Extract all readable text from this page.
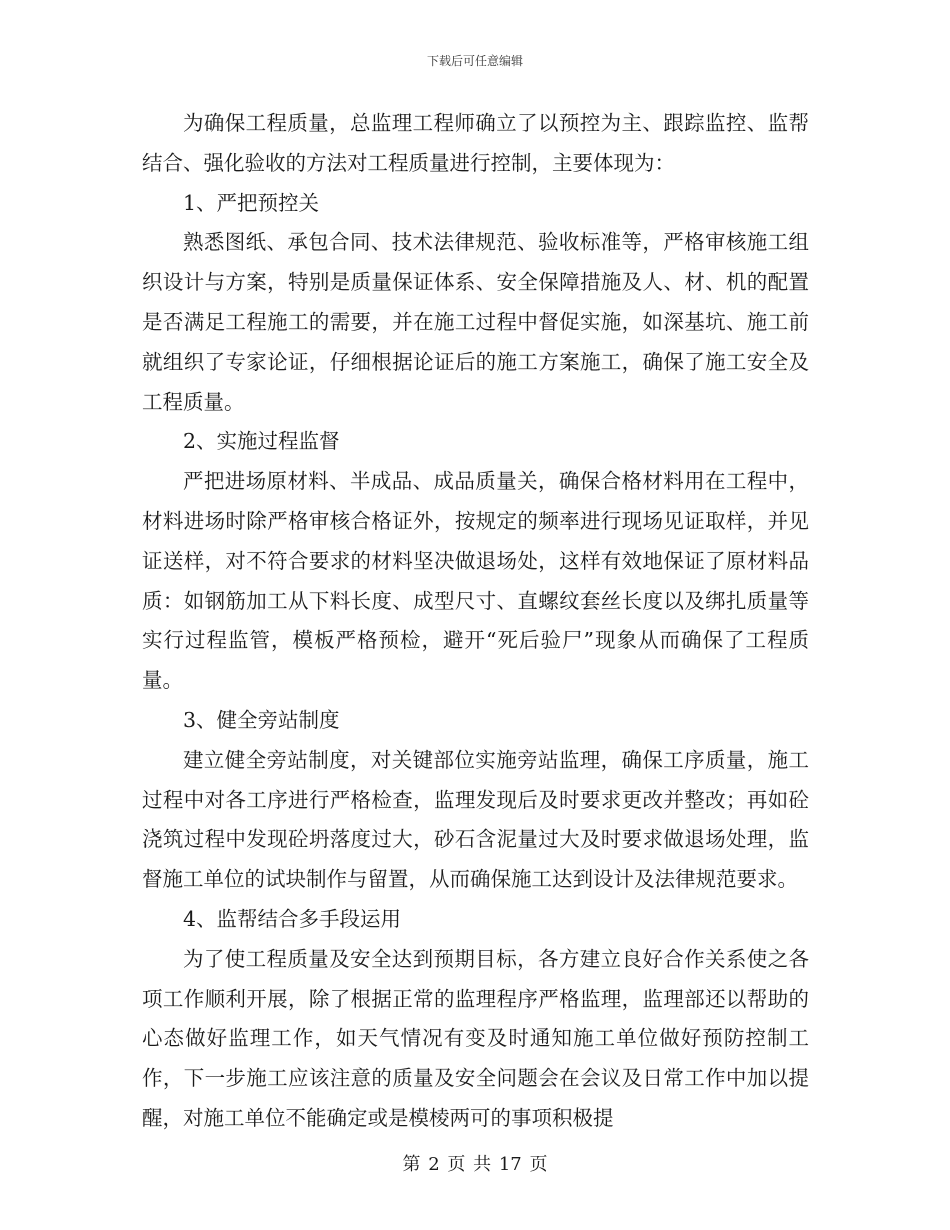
下载后可任意编辑

为确保工程质量，总监理工程师确立了以预控为主、跟踪监控、监帮结合、强化验收的方法对工程质量进行控制，主要体现为：

1、严把预控关

熟悉图纸、承包合同、技术法律规范、验收标准等，严格审核施工组织设计与方案，特别是质量保证体系、安全保障措施及人、材、机的配置是否满足工程施工的需要，并在施工过程中督促实施，如深基坑、施工前就组织了专家论证，仔细根据论证后的施工方案施工，确保了施工安全及工程质量。

2、实施过程监督

严把进场原材料、半成品、成品质量关，确保合格材料用在工程中，材料进场时除严格审核合格证外，按规定的频率进行现场见证取样，并见证送样，对不符合要求的材料坚决做退场处，这样有效地保证了原材料品质：如钢筋加工从下料长度、成型尺寸、直螺纹套丝长度以及绑扎质量等实行过程监管，模板严格预检，避开“死后验尸”现象从而确保了工程质量。

3、健全旁站制度

建立健全旁站制度，对关键部位实施旁站监理，确保工序质量，施工过程中对各工序进行严格检查，监理发现后及时要求更改并整改；再如砼浇筑过程中发现砼坍落度过大，砂石含泥量过大及时要求做退场处理，监督施工单位的试块制作与留置，从而确保施工达到设计及法律规范要求。

4、监帮结合多手段运用

为了使工程质量及安全达到预期目标，各方建立良好合作关系使之各项工作顺利开展，除了根据正常的监理程序严格监理，监理部还以帮助的心态做好监理工作，如天气情况有变及时通知施工单位做好预防控制工作，下一步施工应该注意的质量及安全问题会在会议及日常工作中加以提醒，对施工单位不能确定或是模棱两可的事项积极提

第 2 页 共 17 页
